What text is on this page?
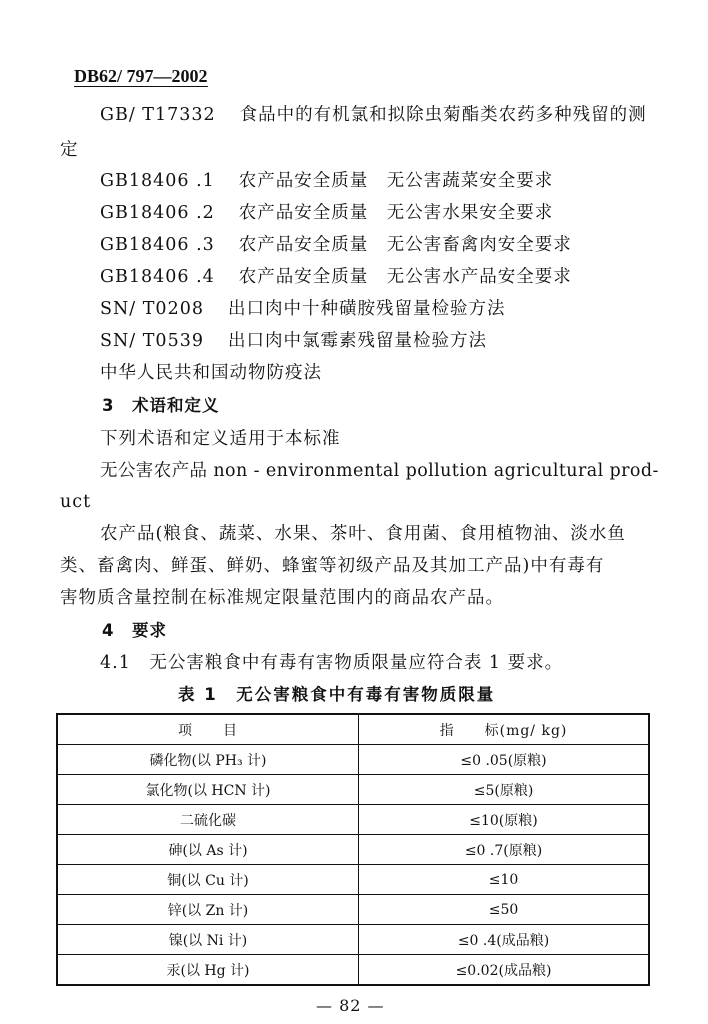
DB62/ 797—2002
GB/ T17332 食品中的有机氯和拟除虫菊酯类农药多种残留的测
定
GB18406 .1 农产品安全质量　无公害蔬菜安全要求
GB18406 .2 农产品安全质量　无公害水果安全要求
GB18406 .3 农产品安全质量　无公害畜禽肉安全要求
GB18406 .4 农产品安全质量　无公害水产品安全要求
SN/ T0208 出口肉中十种磺胺残留量检验方法
SN/ T0539 出口肉中氯霉素残留量检验方法
中华人民共和国动物防疫法
3　术语和定义
下列术语和定义适用于本标准
无公害农产品 non - environmental pollution agricultural prod-
uct
农产品(粮食、蔬菜、水果、茶叶、食用菌、食用植物油、淡水鱼
类、畜禽肉、鲜蛋、鲜奶、蜂蜜等初级产品及其加工产品)中有毒有
害物质含量控制在标准规定限量范围内的商品农产品。
4　要求
4.1　无公害粮食中有毒有害物质限量应符合表 1 要求。
表 1　无公害粮食中有毒有害物质限量
项　　目	指　　标(mg/ kg)
磷化物(以 PH₃ 计)	≤0 .05(原粮)
氯化物(以 HCN 计)	≤5(原粮)
二硫化碳	≤10(原粮)
砷(以 As 计)	≤0 .7(原粮)
铜(以 Cu 计)	≤10
锌(以 Zn 计)	≤50
镍(以 Ni 计)	≤0 .4(成品粮)
汞(以 Hg 计)	≤0.02(成品粮)
— 82 —
